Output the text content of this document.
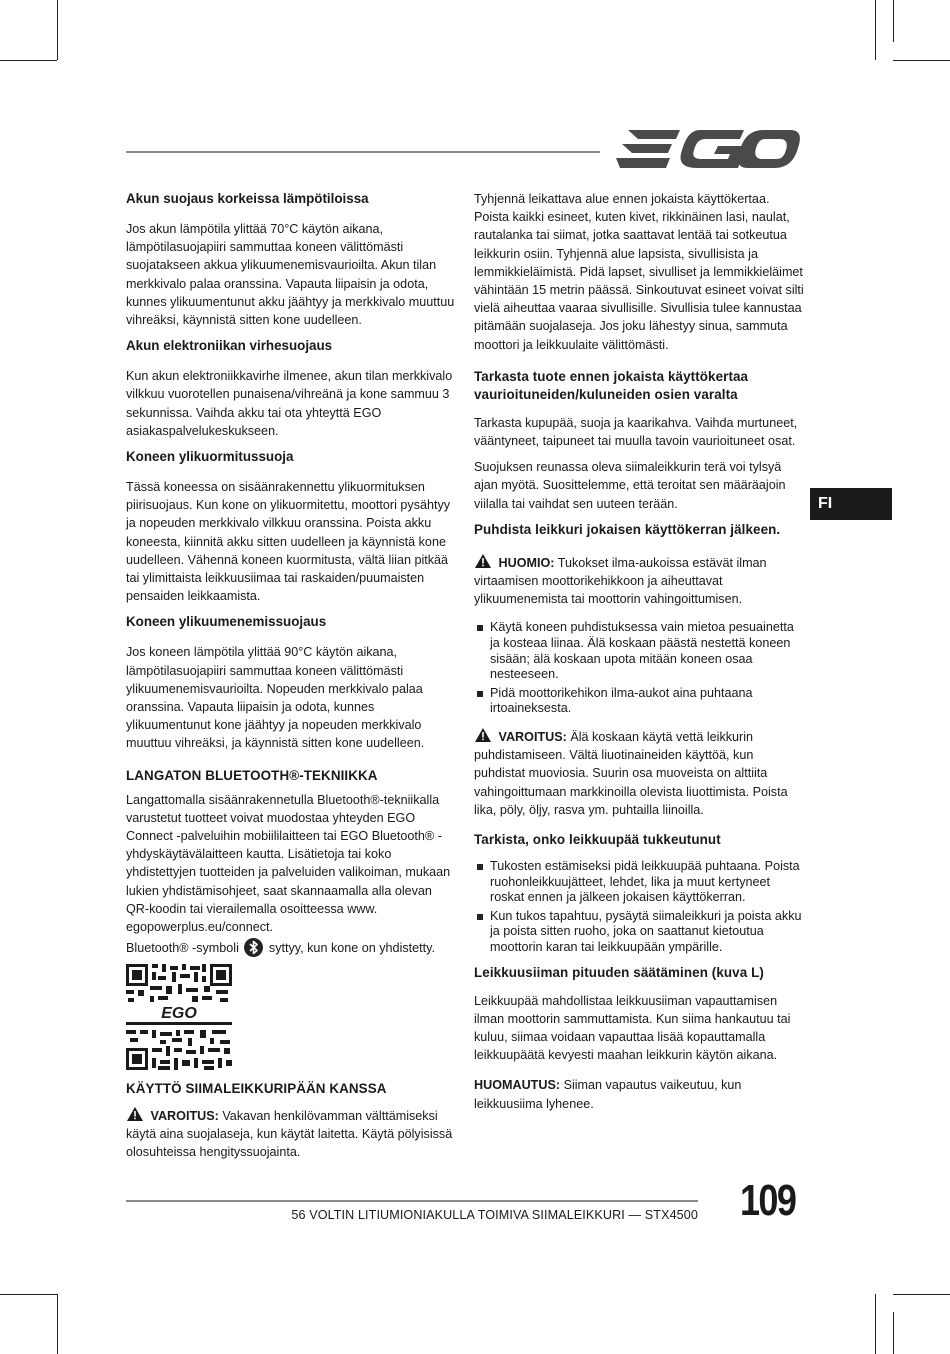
Akun suojaus korkeissa lämpötiloissa

Jos akun lämpötila ylittää 70°C käytön aikana, lämpötilasuojapiiri sammuttaa koneen välittömästi suojatakseen akkua ylikuumenemisvaurioilta. Akun tilan merkkivalo palaa oranssina. Vapauta liipaisin ja odota, kunnes ylikuumentunut akku jäähtyy ja merkkivalo muuttuu vihreäksi, käynnistä sitten kone uudelleen.

Akun elektroniikan virhesuojaus

Kun akun elektroniikkavirhe ilmenee, akun tilan merkkivalo vilkkuu vuorotellen punaisena/vihreänä ja kone sammuu 3 sekunnissa. Vaihda akku tai ota yhteyttä EGO asiakaspalvelukeskukseen.

Koneen ylikuormitussuoja

Tässä koneessa on sisäänrakennettu ylikuormituksen piirisuojaus. Kun kone on ylikuormitettu, moottori pysähtyy ja nopeuden merkkivalo vilkkuu oranssina. Poista akku koneesta, kiinnitä akku sitten uudelleen ja käynnistä kone uudelleen. Vähennä koneen kuormitusta, vältä liian pitkää tai ylimittaista leikkuusiimaa tai raskaiden/puumaisten pensaiden leikkaamista.

Koneen ylikuumenemissuojaus

Jos koneen lämpötila ylittää 90°C käytön aikana, lämpötilasuojapiiri sammuttaa koneen välittömästi ylikuumenemisvaurioilta. Nopeuden merkkivalo palaa oranssina. Vapauta liipaisin ja odota, kunnes ylikuumentunut kone jäähtyy ja nopeuden merkkivalo muuttuu vihreäksi, ja käynnistä sitten kone uudelleen.

LANGATON BLUETOOTH®-TEKNIIKKA

Langattomalla sisäänrakennetulla Bluetooth®-tekniikalla varustetut tuotteet voivat muodostaa yhteyden EGO Connect -palveluihin mobiililaitteen tai EGO Bluetooth® -yhdyskäytävälaitteen kautta. Lisätietoja tai koko yhdistettyjen tuotteiden ja palveluiden valikoiman, mukaan lukien yhdistämisohjeet, saat skannaamalla alla olevan QR-koodin tai vierailemalla osoitteessa www. egopowerplus.eu/connect.

Bluetooth® -symboli syttyy, kun kone on yhdistetty.

EGO
KÄYTTÖ SIIMALEIKKURIPÄÄN KANSSA

VAROITUS: Vakavan henkilövamman välttämiseksi käytä aina suojalaseja, kun käytät laitetta. Käytä pölyisissä olosuhteissa hengityssuojainta.

Tyhjennä leikattava alue ennen jokaista käyttökertaa. Poista kaikki esineet, kuten kivet, rikkinäinen lasi, naulat, rautalanka tai siimat, jotka saattavat lentää tai sotkeutua leikkurin osiin. Tyhjennä alue lapsista, sivullisista ja lemmikkieläimistä. Pidä lapset, sivulliset ja lemmikkieläimet vähintään 15 metrin päässä. Sinkoutuvat esineet voivat silti vielä aiheuttaa vaaraa sivullisille. Sivullisia tulee kannustaa pitämään suojalaseja. Jos joku lähestyy sinua, sammuta moottori ja leikkuulaite välittömästi.

Tarkasta tuote ennen jokaista käyttökertaa vaurioituneiden/kuluneiden osien varalta

Tarkasta kupupää, suoja ja kaarikahva. Vaihda murtuneet, vääntyneet, taipuneet tai muulla tavoin vaurioituneet osat.

Suojuksen reunassa oleva siimaleikkurin terä voi tylsyä ajan myötä. Suosittelemme, että teroitat sen määräajoin viilalla tai vaihdat sen uuteen terään.

Puhdista leikkuri jokaisen käyttökerran jälkeen.

HUOMIO: Tukokset ilma-aukoissa estävät ilman virtaamisen moottorikehikkoon ja aiheuttavat ylikuumenemista tai moottorin vahingoittumisen.

Käytä koneen puhdistuksessa vain mietoa pesuainetta ja kosteaa liinaa. Älä koskaan päästä nestettä koneen sisään; älä koskaan upota mitään koneen osaa nesteeseen.
Pidä moottorikehikon ilma-aukot aina puhtaana irtoaineksesta.

VAROITUS: Älä koskaan käytä vettä leikkurin puhdistamiseen. Vältä liuotinaineiden käyttöä, kun puhdistat muoviosia. Suurin osa muoveista on alttiita vahingoittumaan markkinoilla olevista liuottimista. Poista lika, pöly, öljy, rasva ym. puhtailla liinoilla.

Tarkista, onko leikkuupää tukkeutunut
Tukosten estämiseksi pidä leikkuupää puhtaana. Poista ruohonleikkuujätteet, lehdet, lika ja muut kertyneet roskat ennen ja jälkeen jokaisen käyttökerran.
Kun tukos tapahtuu, pysäytä siimaleikkuri ja poista akku ja poista sitten ruoho, joka on saattanut kietoutua moottorin karan tai leikkuupään ympärille.
Leikkuusiiman pituuden säätäminen (kuva L)

Leikkuupää mahdollistaa leikkuusiiman vapauttamisen ilman moottorin sammuttamista. Kun siima hankautuu tai kuluu, siimaa voidaan vapauttaa lisää kopauttamalla leikkuupäätä kevyesti maahan leikkurin käytön aikana.

HUOMAUTUS: Siiman vapautus vaikeutuu, kun leikkuusiima lyhenee.

FI
56 VOLTIN LITIUMIONIAKULLA TOIMIVA SIIMALEIKKURI — STX4500 109
